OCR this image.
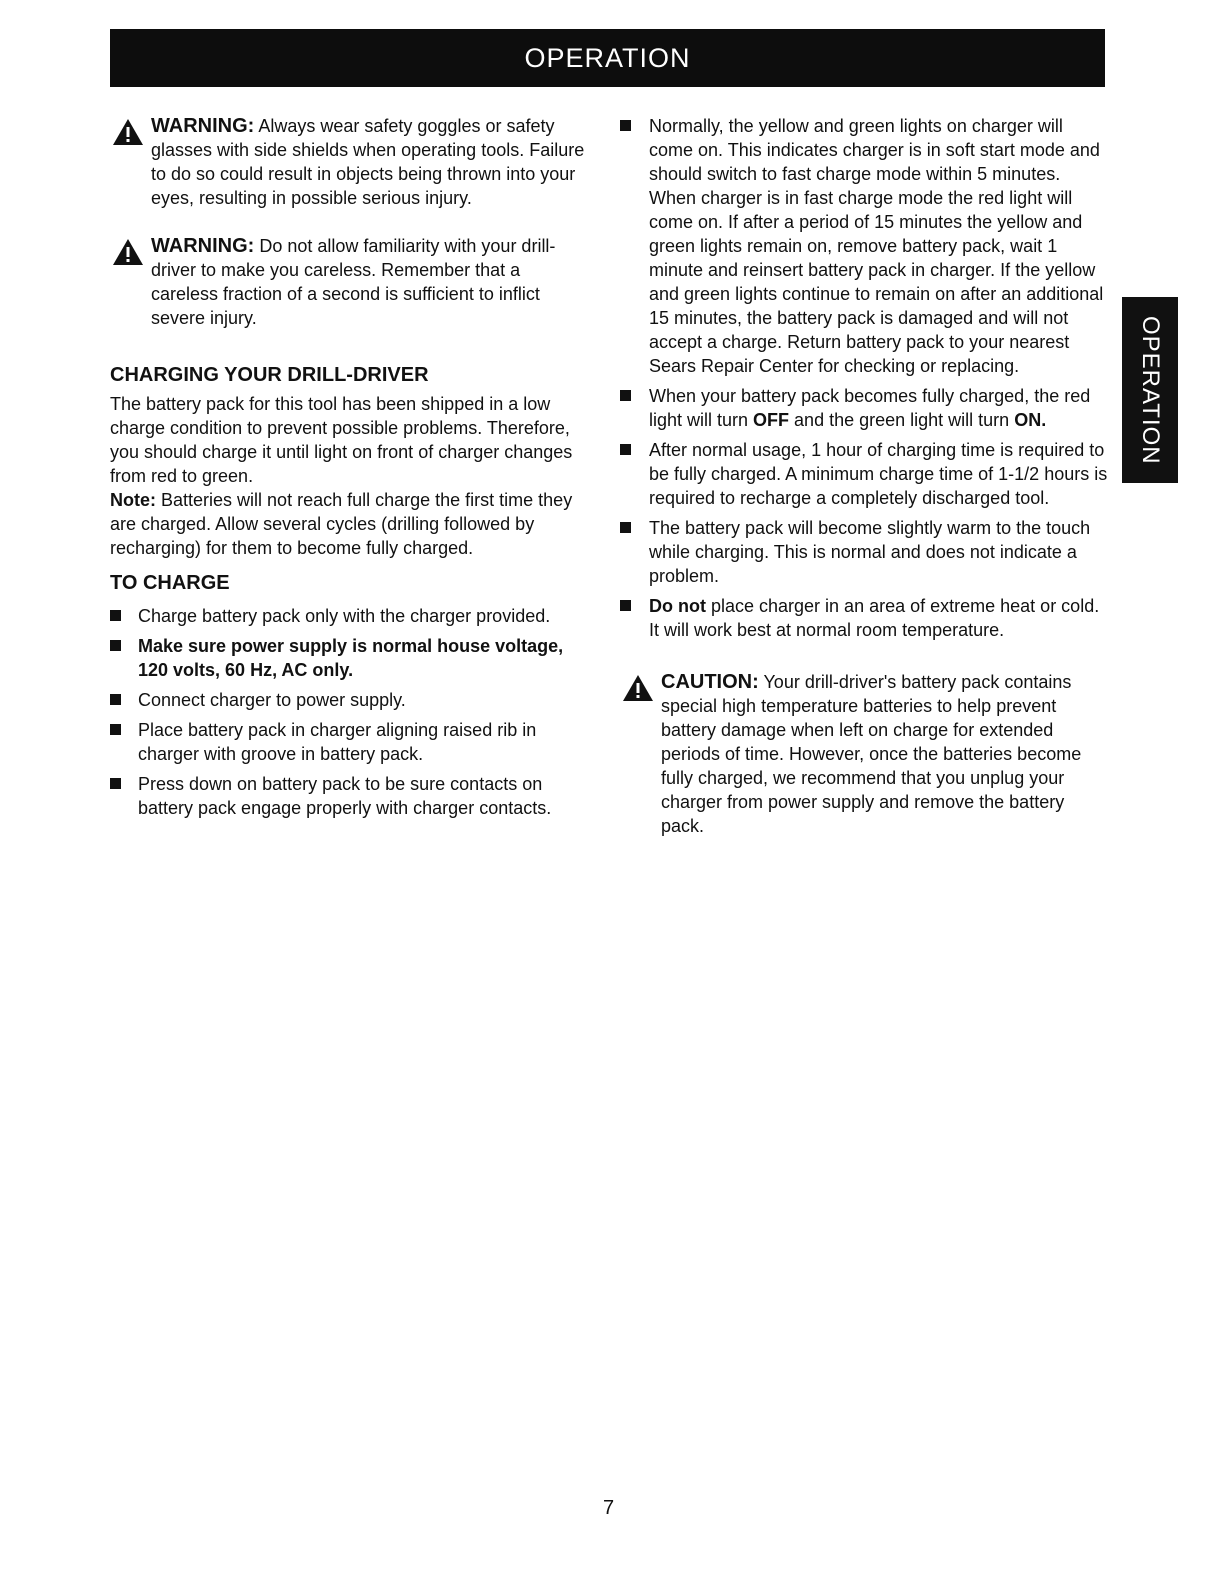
OPERATION
OPERATION
WARNING: Always wear safety goggles or safety glasses with side shields when operating tools. Failure to do so could result in objects being thrown into your eyes, resulting in possible serious injury.
WARNING: Do not allow familiarity with your drill-driver to make you careless. Remember that a careless fraction of a second is sufficient to inflict severe injury.
CHARGING YOUR DRILL-DRIVER

The battery pack for this tool has been shipped in a low charge condition to prevent possible problems. Therefore, you should charge it until light on front of charger changes from red to green.

Note: Batteries will not reach full charge the first time they are charged. Allow several cycles (drilling followed by recharging) for them to become fully charged.

TO CHARGE
Charge battery pack only with the charger provided.
Make sure power supply is normal house voltage, 120 volts, 60 Hz, AC only.
Connect charger to power supply.
Place battery pack in charger aligning raised rib in charger with groove in battery pack.
Press down on battery pack to be sure contacts on battery pack engage properly with charger contacts.
Normally, the yellow and green lights on charger will come on. This indicates charger is in soft start mode and should switch to fast charge mode within 5 minutes. When charger is in fast charge mode the red light will come on. If after a period of 15 minutes the yellow and green lights remain on, remove battery pack, wait 1 minute and reinsert battery pack in charger. If the yellow and green lights continue to remain on after an additional 15 minutes, the battery pack is damaged and will not accept a charge. Return battery pack to your nearest Sears Repair Center for checking or replacing.
When your battery pack becomes fully charged, the red light will turn OFF and the green light will turn ON.
After normal usage, 1 hour of charging time is required to be fully charged. A minimum charge time of 1-1/2 hours is required to recharge a completely discharged tool.
The battery pack will become slightly warm to the touch while charging. This is normal and does not indicate a problem.
Do not place charger in an area of extreme heat or cold. It will work best at normal room temperature.
CAUTION: Your drill-driver's battery pack contains special high temperature batteries to help prevent battery damage when left on charge for extended periods of time. However, once the batteries become fully charged, we recommend that you unplug your charger from power supply and remove the battery pack.
7
